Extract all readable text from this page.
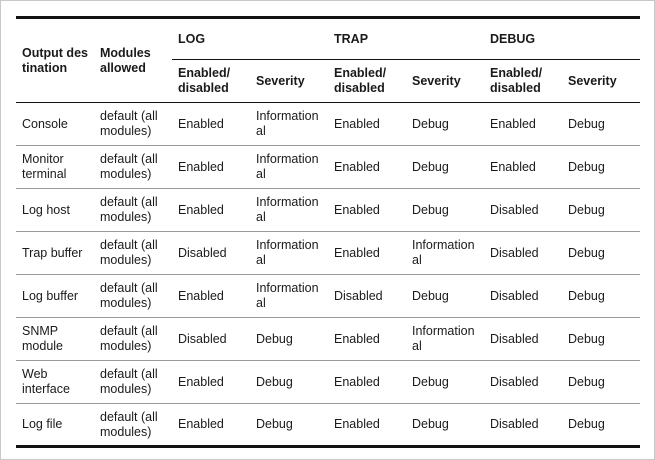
Output destination	Modules allowed	LOG		TRAP		DEBUG	
		Enabled/ disabled	Severity	Enabled/ disabled	Severity	Enabled/ disabled	Severity
Console	default (all modules)	Enabled	Informational	Enabled	Debug	Enabled	Debug
Monitor terminal	default (all modules)	Enabled	Informational	Enabled	Debug	Enabled	Debug
Log host	default (all modules)	Enabled	Informational	Enabled	Debug	Disabled	Debug
Trap buffer	default (all modules)	Disabled	Informational	Enabled	Informational	Disabled	Debug
Log buffer	default (all modules)	Enabled	Informational	Disabled	Debug	Disabled	Debug
SNMP module	default (all modules)	Disabled	Debug	Enabled	Informational	Disabled	Debug
Web interface	default (all modules)	Enabled	Debug	Enabled	Debug	Disabled	Debug
Log file	default (all modules)	Enabled	Debug	Enabled	Debug	Disabled	Debug
